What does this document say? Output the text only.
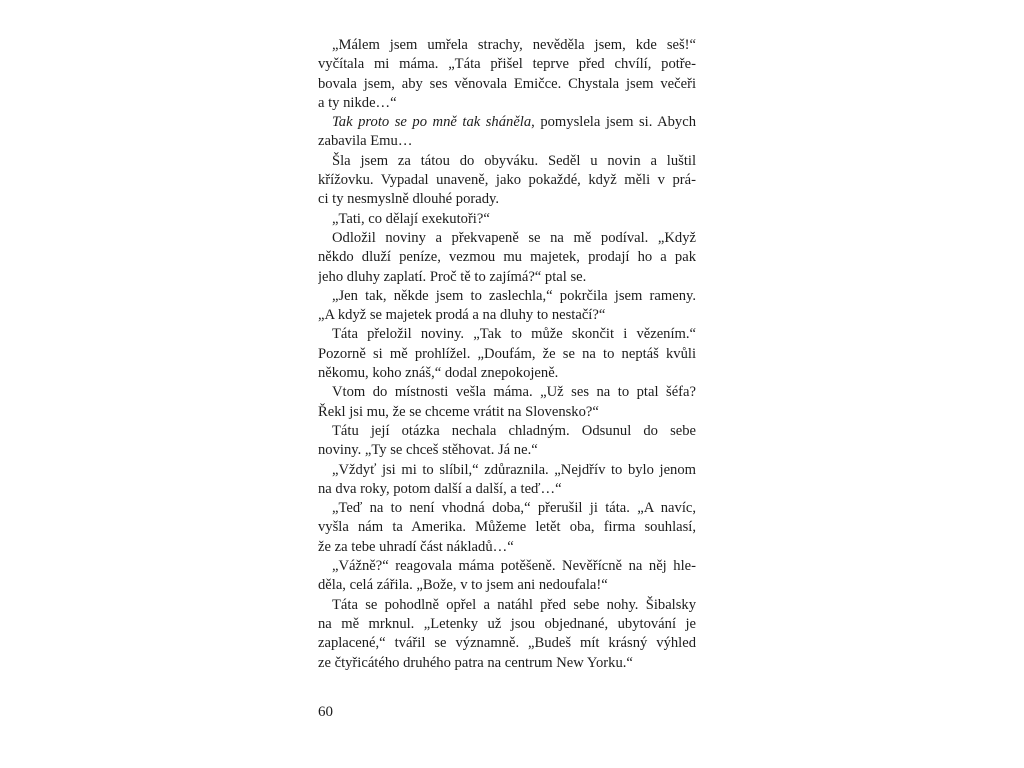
„Málem jsem umřela strachy, nevěděla jsem, kde seš!“
vyčítala mi máma. „Táta přišel teprve před chvílí, potře-
bovala jsem, aby ses věnovala Emičce. Chystala jsem večeři
a ty nikde…“

Tak proto se po mně tak sháněla, pomyslela jsem si. Abych
zabavila Emu…

Šla jsem za tátou do obyváku. Seděl u novin a luštil
křížovku. Vypadal unaveně, jako pokaždé, když měli v prá-
ci ty nesmyslně dlouhé porady.

„Tati, co dělají exekutoři?“

Odložil noviny a překvapeně se na mě podíval. „Když
někdo dluží peníze, vezmou mu majetek, prodají ho a pak
jeho dluhy zaplatí. Proč tě to zajímá?“ ptal se.

„Jen tak, někde jsem to zaslechla,“ pokrčila jsem rameny.
„A když se majetek prodá a na dluhy to nestačí?“

Táta přeložil noviny. „Tak to může skončit i vězením.“
Pozorně si mě prohlížel. „Doufám, že se na to neptáš kvůli
někomu, koho znáš,“ dodal znepokojeně.

Vtom do místnosti vešla máma. „Už ses na to ptal šéfa?
Řekl jsi mu, že se chceme vrátit na Slovensko?“

Tátu její otázka nechala chladným. Odsunul do sebe
noviny. „Ty se chceš stěhovat. Já ne.“

„Vždyť jsi mi to slíbil,“ zdůraznila. „Nejdřív to bylo jenom
na dva roky, potom další a další, a teď…“

„Teď na to není vhodná doba,“ přerušil ji táta. „A navíc,
vyšla nám ta Amerika. Můžeme letět oba, firma souhlasí,
že za tebe uhradí část nákladů…“

„Vážně?“ reagovala máma potěšeně. Nevěřícně na něj hle-
děla, celá zářila. „Bože, v to jsem ani nedoufala!“

Táta se pohodlně opřel a natáhl před sebe nohy. Šibalsky
na mě mrknul. „Letenky už jsou objednané, ubytování je
zaplacené,“ tvářil se významně. „Budeš mít krásný výhled
ze čtyřicátého druhého patra na centrum New Yorku.“

60
